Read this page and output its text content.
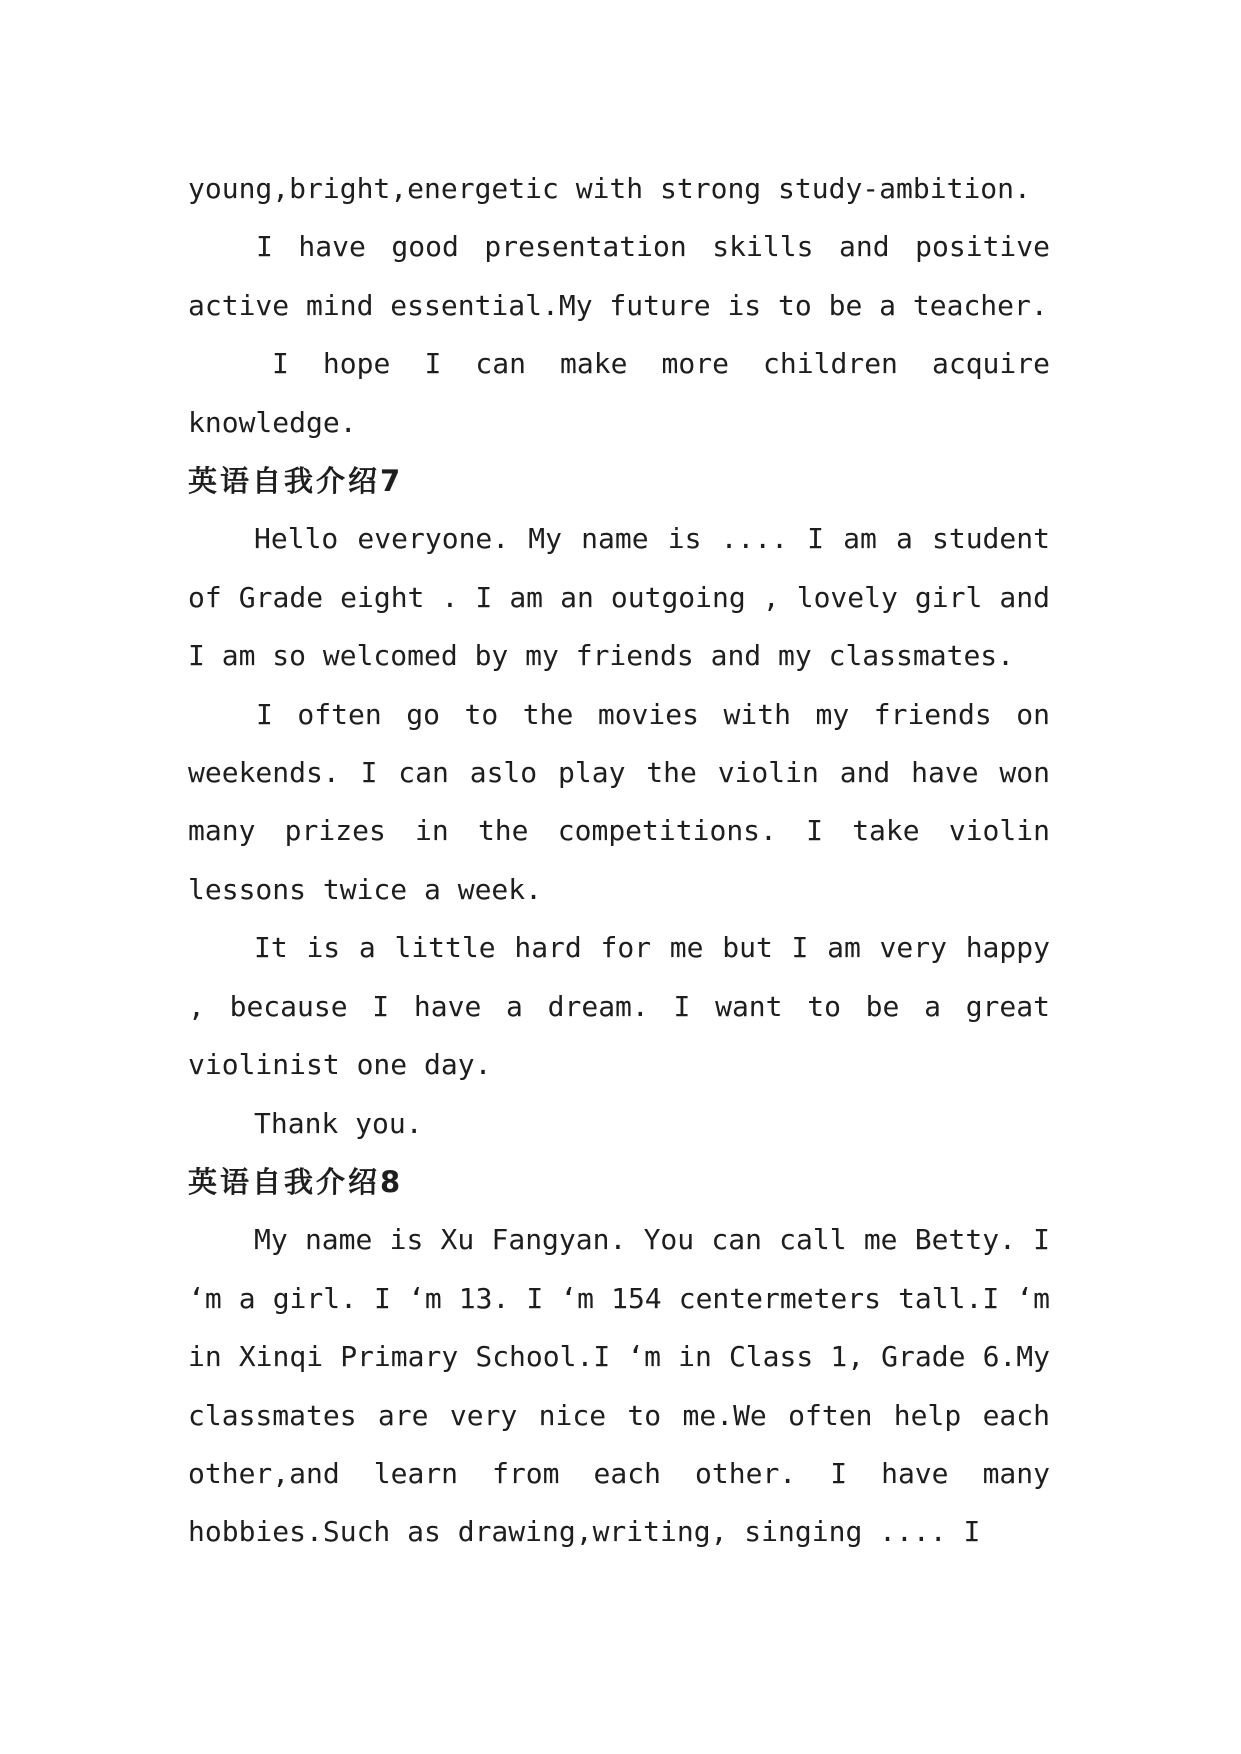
young,bright,energetic with strong study-ambition.

I have good presentation skills and positive active mind essential.My future is to be a teacher.

I hope I can make more children acquire knowledge.

英语自我介绍7

Hello everyone. My name is .... I am a student of Grade eight . I am an outgoing , lovely girl and I am so welcomed by my friends and my classmates.

I often go to the movies with my friends on weekends. I can aslo play the violin and have won many prizes in the competitions. I take violin lessons twice a week.

It is a little hard for me but I am very happy , because I have a dream. I want to be a great violinist one day.

Thank you.

英语自我介绍8

My name is Xu Fangyan. You can call me Betty. I ‘m a girl. I ‘m 13. I ‘m 154 centermeters tall.I ‘m in Xinqi Primary School.I ‘m in Class 1, Grade 6.My classmates are very nice to me.We often help each other,and learn from each other. I have many hobbies.Such as drawing,writing, singing .... I
